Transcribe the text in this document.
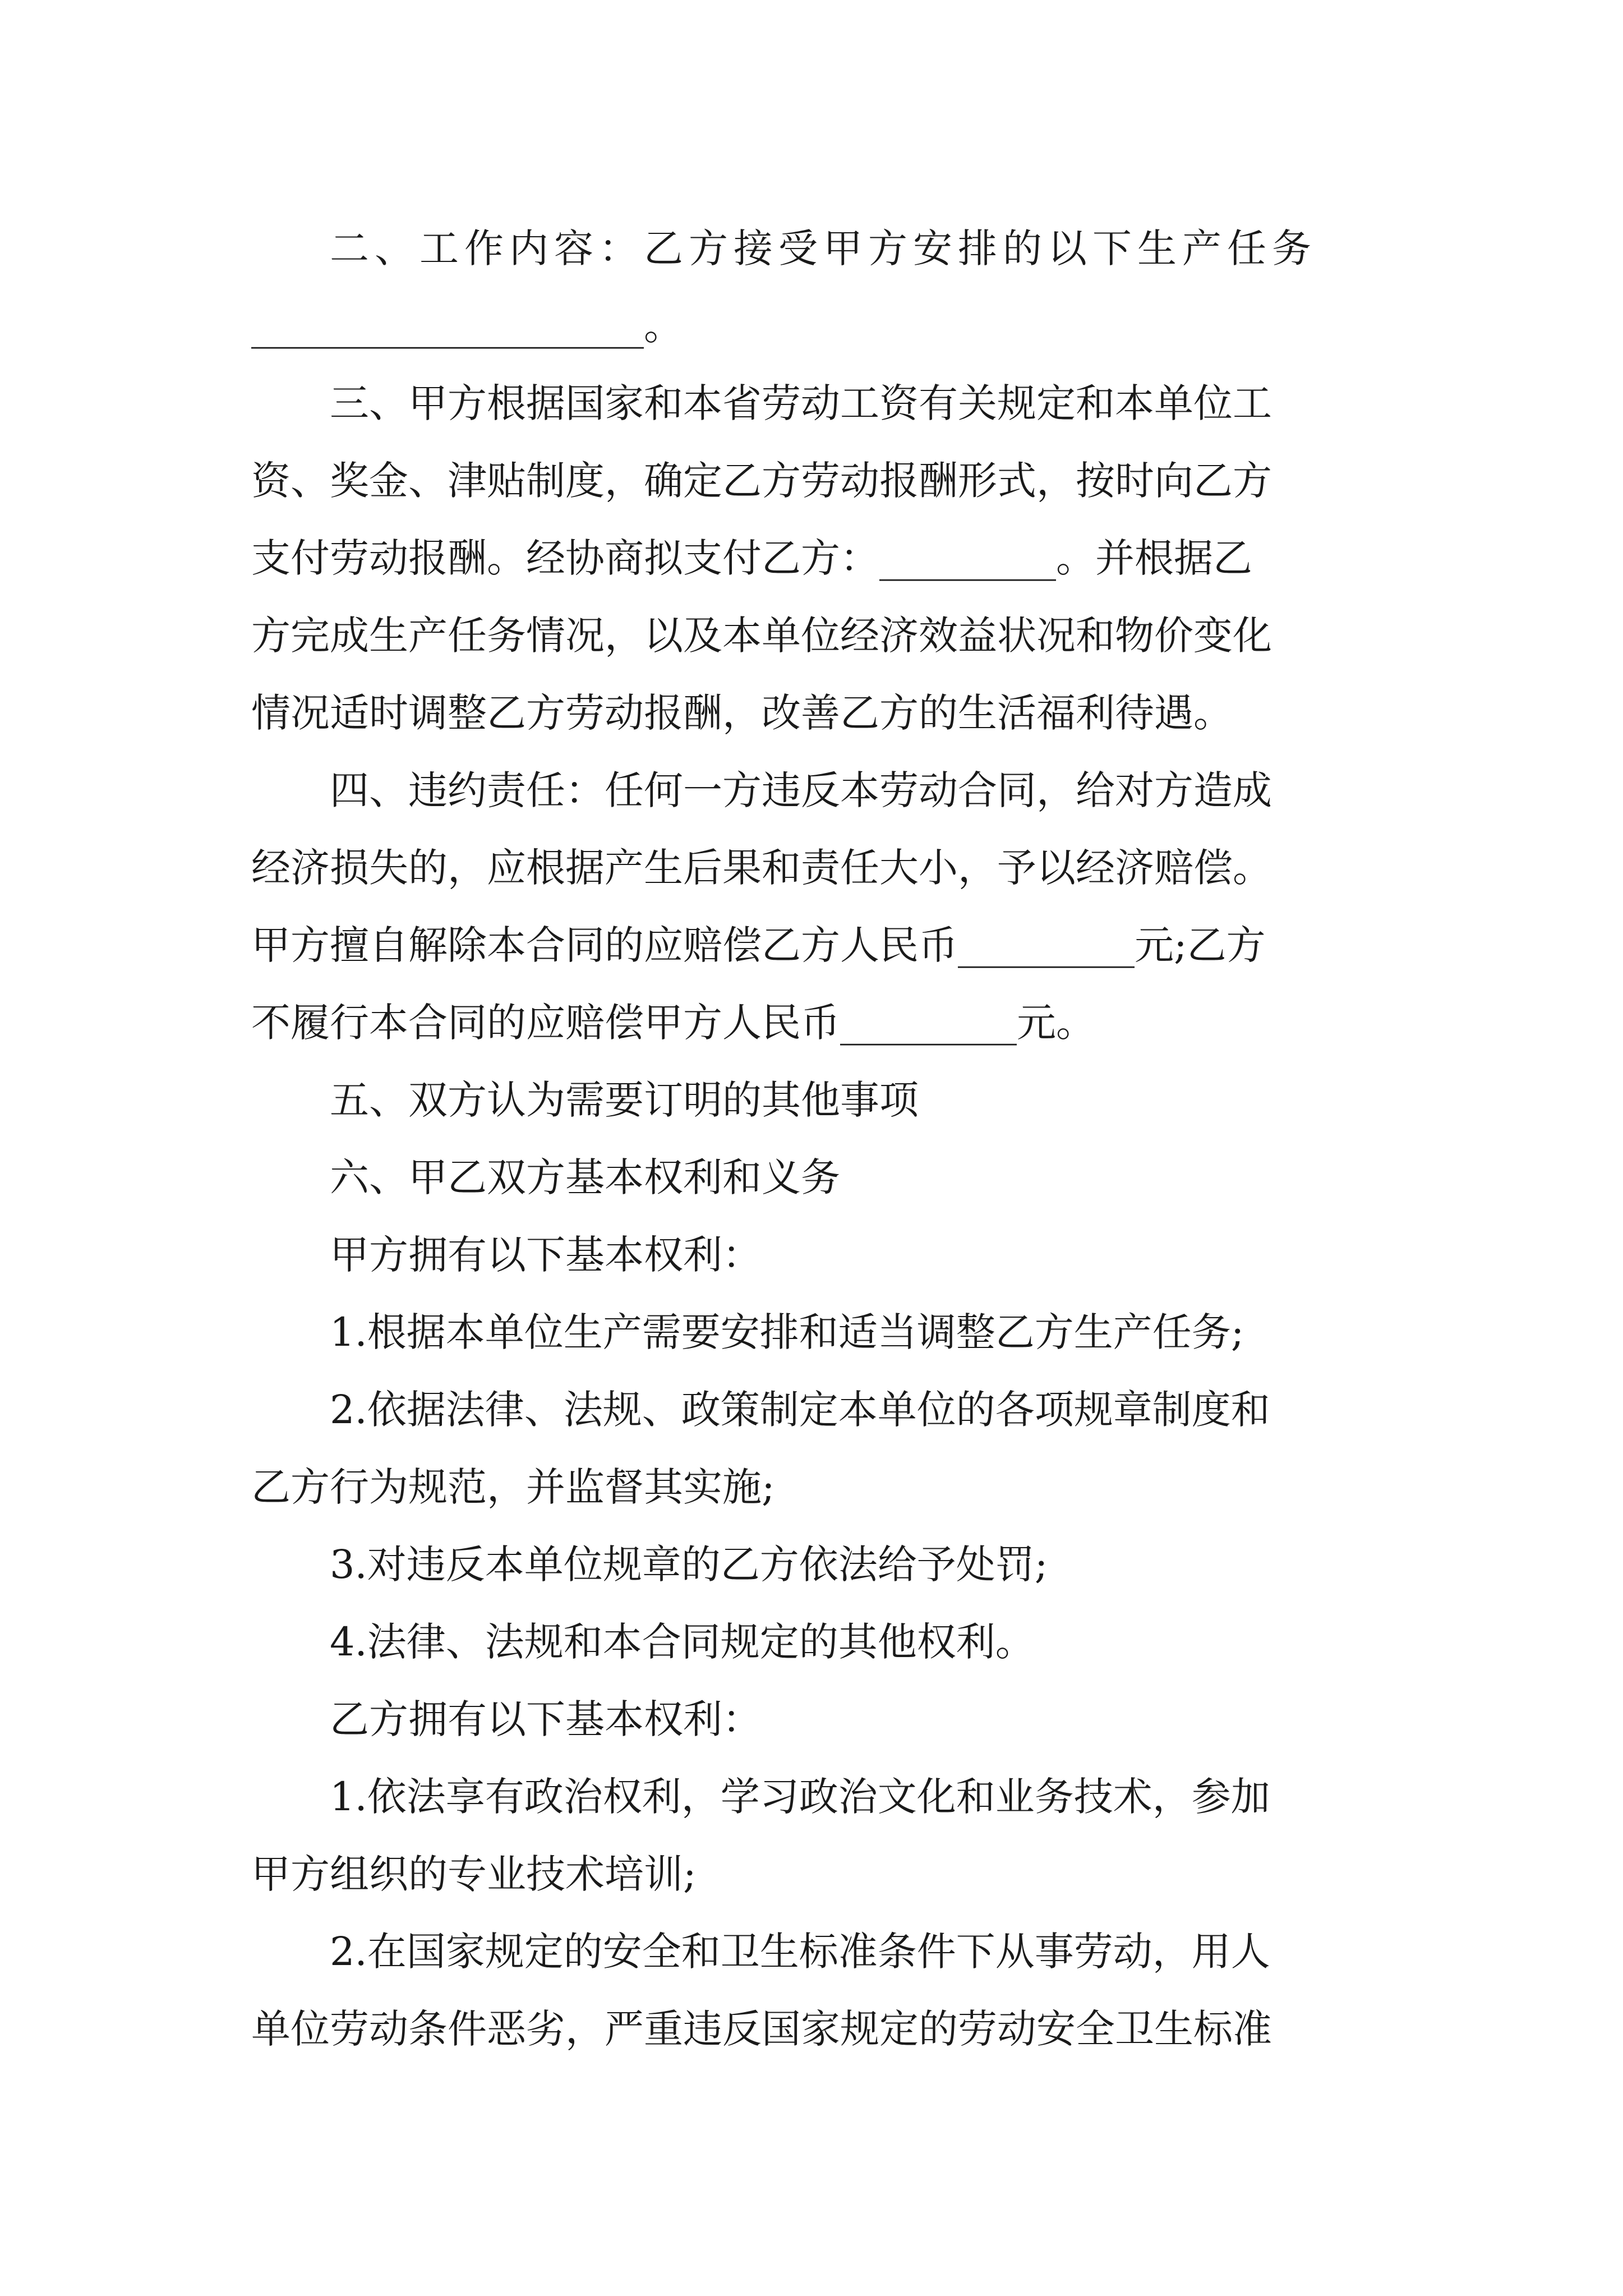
二、工作内容：乙方接受甲方安排的以下生产任务
____________________。
三、甲方根据国家和本省劳动工资有关规定和本单位工
资、奖金、津贴制度，确定乙方劳动报酬形式，按时向乙方
支付劳动报酬。经协商拟支付乙方：_________。并根据乙
方完成生产任务情况，以及本单位经济效益状况和物价变化
情况适时调整乙方劳动报酬，改善乙方的生活福利待遇。
四、违约责任：任何一方违反本劳动合同，给对方造成
经济损失的，应根据产生后果和责任大小，予以经济赔偿。
甲方擅自解除本合同的应赔偿乙方人民币_________元;乙方
不履行本合同的应赔偿甲方人民币_________元。
五、双方认为需要订明的其他事项
六、甲乙双方基本权利和义务
甲方拥有以下基本权利：
1.根据本单位生产需要安排和适当调整乙方生产任务;
2.依据法律、法规、政策制定本单位的各项规章制度和
乙方行为规范，并监督其实施;
3.对违反本单位规章的乙方依法给予处罚;
4.法律、法规和本合同规定的其他权利。
乙方拥有以下基本权利：
1.依法享有政治权利，学习政治文化和业务技术，参加
甲方组织的专业技术培训;
2.在国家规定的安全和卫生标准条件下从事劳动，用人
单位劳动条件恶劣，严重违反国家规定的劳动安全卫生标准
